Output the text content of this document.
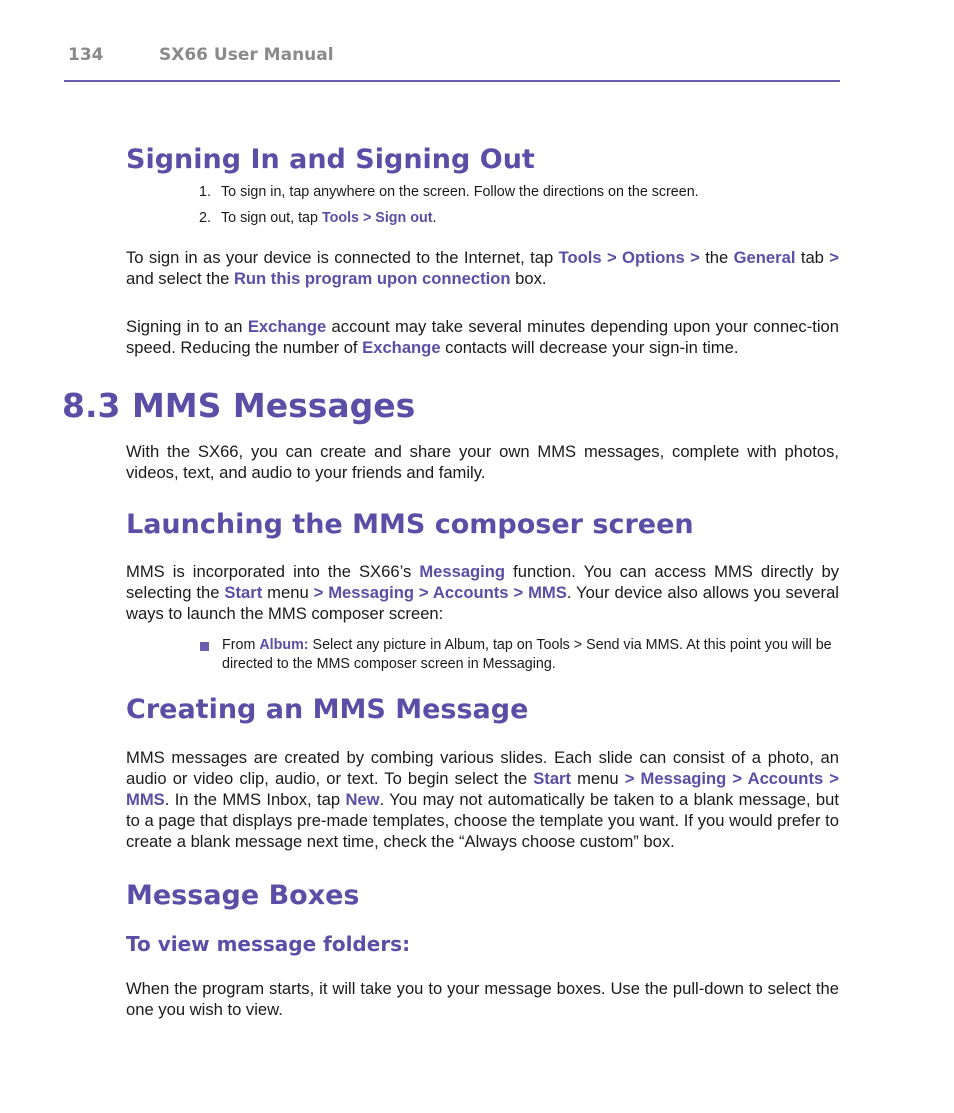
134	SX66 User Manual
Signing In and Signing Out

1. To sign in, tap anywhere on the screen. Follow the directions on the screen.

2. To sign out, tap Tools > Sign out.

To sign in as your device is connected to the Internet, tap Tools > Options > the General tab > and select the Run this program upon connection box.

Signing in to an Exchange account may take several minutes depending upon your connec-tion speed. Reducing the number of Exchange contacts will decrease your sign-in time.

8.3 MMS Messages

With the SX66, you can create and share your own MMS messages, complete with photos, videos, text, and audio to your friends and family.

Launching the MMS composer screen

MMS is incorporated into the SX66’s Messaging function. You can access MMS directly by selecting the Start menu > Messaging > Accounts > MMS. Your device also allows you several ways to launch the MMS composer screen:

From Album: Select any picture in Album, tap on Tools > Send via MMS. At this point you will be directed to the MMS composer screen in Messaging.

Creating an MMS Message

MMS messages are created by combing various slides. Each slide can consist of a photo, an audio or video clip, audio, or text. To begin select the Start menu > Messaging > Accounts > MMS. In the MMS Inbox, tap New. You may not automatically be taken to a blank message, but to a page that displays pre-made templates, choose the template you want. If you would prefer to create a blank message next time, check the “Always choose custom” box.

Message Boxes
To view message folders:

When the program starts, it will take you to your message boxes. Use the pull-down to select the one you wish to view.
